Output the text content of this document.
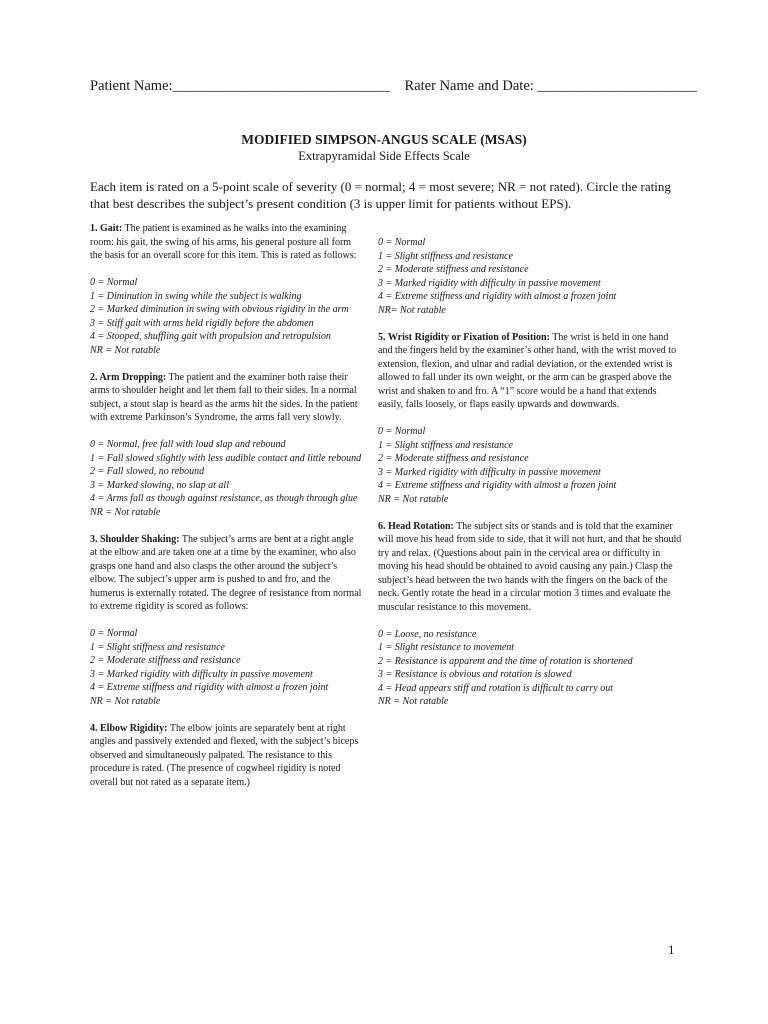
Patient Name:______________________________ Rater Name and Date: ______________________
MODIFIED SIMPSON-ANGUS SCALE (MSAS)
Extrapyramidal Side Effects Scale
Each item is rated on a 5-point scale of severity (0 = normal; 4 = most severe; NR = not rated). Circle the rating that best describes the subject’s present condition (3 is upper limit for patients without EPS).

1. Gait: The patient is examined as he walks into the examining room: his gait, the swing of his arms, his general posture all form the basis for an overall score for this item. This is rated as follows:

0 = Normal

1 = Diminution in swing while the subject is walking

2 = Marked diminution in swing with obvious rigidity in the arm

3 = Stiff gait with arms held rigidly before the abdomen

4 = Stooped, shuffling gait with propulsion and retropulsion

NR = Not ratable

2. Arm Dropping: The patient and the examiner both raise their arms to shoulder height and let them fall to their sides. In a normal subject, a stout slap is heard as the arms hit the sides. In the patient with extreme Parkinson’s Syndrome, the arms fall very slowly.

0 = Normal, free fall with loud slap and rebound

1 = Fall slowed slightly with less audible contact and little rebound

2 = Fall slowed, no rebound

3 = Marked slowing, no slap at all

4 = Arms fall as though against resistance, as though through glue

NR = Not ratable

3. Shoulder Shaking: The subject’s arms are bent at a right angle at the elbow and are taken one at a time by the examiner, who also grasps one hand and also clasps the other around the subject’s elbow. The subject’s upper arm is pushed to and fro, and the humerus is externally rotated. The degree of resistance from normal to extreme rigidity is scored as follows:

0 = Normal

1 = Slight stiffness and resistance

2 = Moderate stiffness and resistance

3 = Marked rigidity with difficulty in passive movement

4 = Extreme stiffness and rigidity with almost a frozen joint

NR = Not ratable

4. Elbow Rigidity: The elbow joints are separately bent at right angles and passively extended and flexed, with the subject’s biceps observed and simultaneously palpated. The resistance to this procedure is rated. (The presence of cogwheel rigidity is noted overall but not rated as a separate item.)

0 = Normal

1 = Slight stiffness and resistance

2 = Moderate stiffness and resistance

3 = Marked rigidity with difficulty in passive movement

4 = Extreme stiffness and rigidity with almost a frozen joint

NR= Not ratable

5. Wrist Rigidity or Fixation of Position: The wrist is held in one hand and the fingers held by the examiner’s other hand, with the wrist moved to extension, flexion, and ulnar and radial deviation, or the extended wrist is allowed to fall under its own weight, or the arm can be grasped above the wrist and shaken to and fro. A “1” score would be a hand that extends easily, falls loosely, or flaps easily upwards and downwards.

0 = Normal

1 = Slight stiffness and resistance

2 = Moderate stiffness and resistance

3 = Marked rigidity with difficulty in passive movement

4 = Extreme stiffness and rigidity with almost a frozen joint

NR = Not ratable

6. Head Rotation: The subject sits or stands and is told that the examiner will move his head from side to side, that it will not hurt, and that he should try and relax. (Questions about pain in the cervical area or difficulty in moving his head should be obtained to avoid causing any pain.) Clasp the subject’s head between the two hands with the fingers on the back of the neck. Gently rotate the head in a circular motion 3 times and evaluate the muscular resistance to this movement.

0 = Loose, no resistance

1 = Slight resistance to movement

2 = Resistance is apparent and the time of rotation is shortened

3 = Resistance is obvious and rotation is slowed

4 = Head appears stiff and rotation is difficult to carry out

NR = Not ratable

1
